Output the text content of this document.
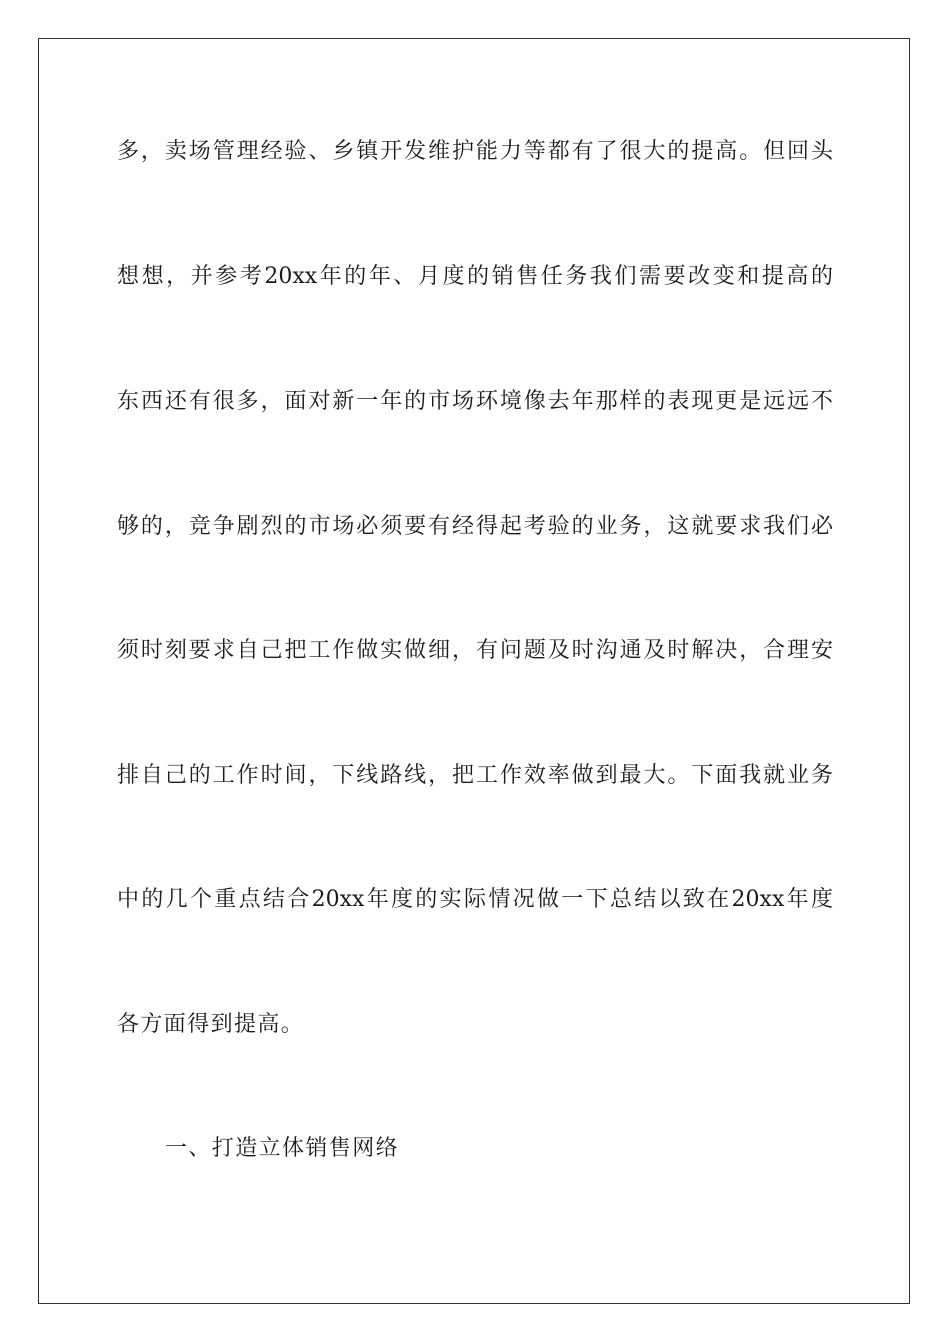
多，卖场管理经验、乡镇开发维护能力等都有了很大的提高。但回头
想想，并参考20xx年的年、月度的销售任务我们需要改变和提高的
东西还有很多，面对新一年的市场环境像去年那样的表现更是远远不
够的，竞争剧烈的市场必须要有经得起考验的业务，这就要求我们必
须时刻要求自己把工作做实做细，有问题及时沟通及时解决，合理安
排自己的工作时间，下线路线，把工作效率做到最大。下面我就业务
中的几个重点结合20xx年度的实际情况做一下总结以致在20xx年度
各方面得到提高。
一、打造立体销售网络
